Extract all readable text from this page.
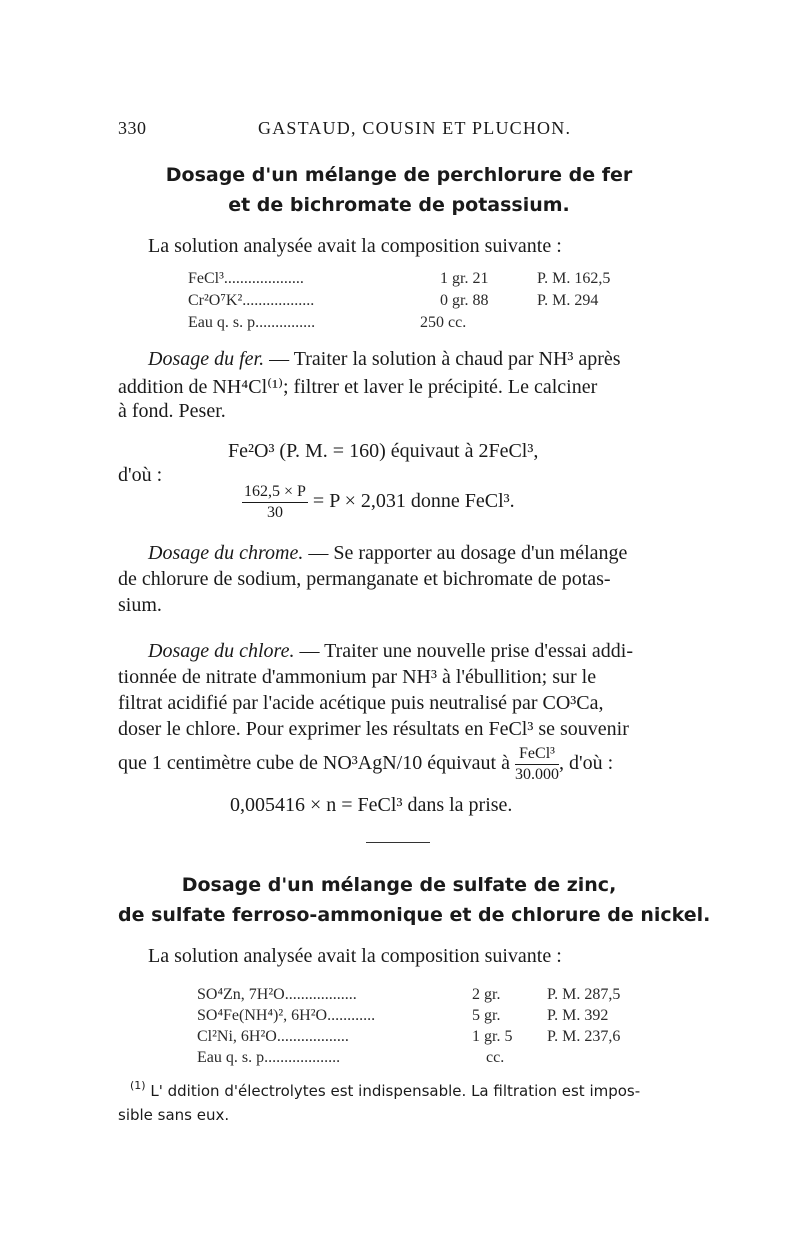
330	GASTAUD, COUSIN ET PLUCHON.
Dosage d'un mélange de perchlorure de fer
et de bichromate de potassium.
La solution analysée avait la composition suivante :
FeCl³....................	1 gr. 21	P. M. 162,5
Cr²O⁷K²..................	0 gr. 88	P. M. 294
Eau q. s. p...............	250 cc.
Dosage du fer. — Traiter la solution à chaud par NH³ après
addition de NH⁴Cl⁽¹⁾; filtrer et laver le précipité. Le calciner
à fond. Peser.
Fe²O³ (P. M. = 160) équivaut à 2FeCl³,
d'où :
$\frac{162,5 \times P}{30} = P \times 2,031$ donne FeCl³.
Dosage du chrome. — Se rapporter au dosage d'un mélange
de chlorure de sodium, permanganate et bichromate de potas-
sium.
Dosage du chlore. — Traiter une nouvelle prise d'essai addi-
tionnée de nitrate d'ammonium par NH³ à l'ébullition; sur le
filtrat acidifié par l'acide acétique puis neutralisé par CO³Ca,
doser le chlore. Pour exprimer les résultats en FeCl³ se souvenir
que 1 centimètre cube de NO³AgN/10 équivaut à $\frac{\text{FeCl³}}{30.000}$ , d'où :
0,005416 × n = FeCl³ dans la prise.
Dosage d'un mélange de sulfate de zinc,
de sulfate ferroso-ammonique et de chlorure de nickel.
La solution analysée avait la composition suivante :
SO⁴Zn, 7H²O..................	2 gr.	P. M. 287,5
SO⁴Fe(NH⁴)², 6H²O............	5 gr.	P. M. 392
Cl²Ni, 6H²O..................	1 gr. 5 P. M. 237,6
Eau q. s. p...................	cc.
$^{(1)}$ L' ddition d'électrolytes est indispensable. La filtration est impos-
sible sans eux.
